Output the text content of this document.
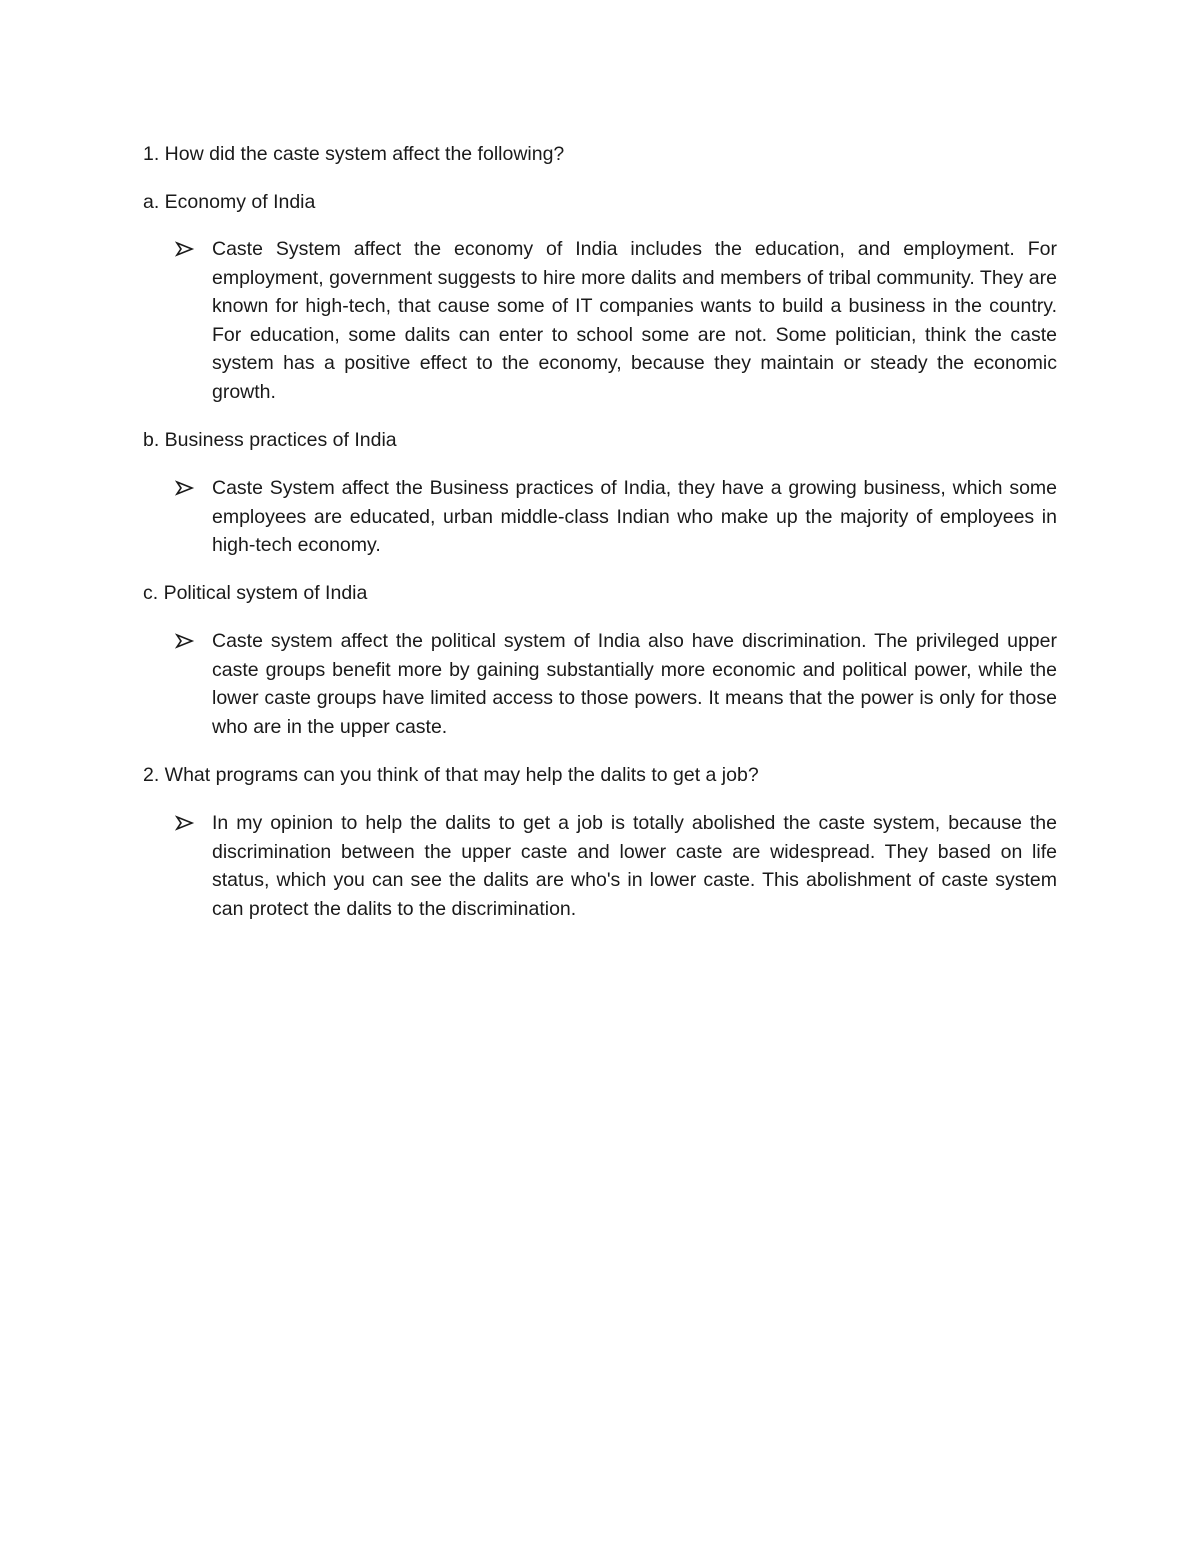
1. How did the caste system affect the following?
a. Economy of India

Caste System affect the economy of India includes the education, and employment. For employment, government suggests to hire more dalits and members of tribal community. They are known for high-tech, that cause some of IT companies wants to build a business in the country. For education, some dalits can enter to school some are not. Some politician, think the caste system has a positive effect to the economy, because they maintain or steady the economic growth.

b. Business practices of India

Caste System affect the Business practices of India, they have a growing business, which some employees are educated, urban middle-class Indian who make up the majority of employees in high-tech economy.

c. Political system of India

Caste system affect the political system of India also have discrimination. The privileged upper caste groups benefit more by gaining substantially more economic and political power, while the lower caste groups have limited access to those powers. It means that the power is only for those who are in the upper caste.

2. What programs can you think of that may help the dalits to get a job?

In my opinion to help the dalits to get a job is totally abolished the caste system, because the discrimination between the upper caste and lower caste are widespread. They based on life status, which you can see the dalits are who's in lower caste. This abolishment of caste system can protect the dalits to the discrimination.
